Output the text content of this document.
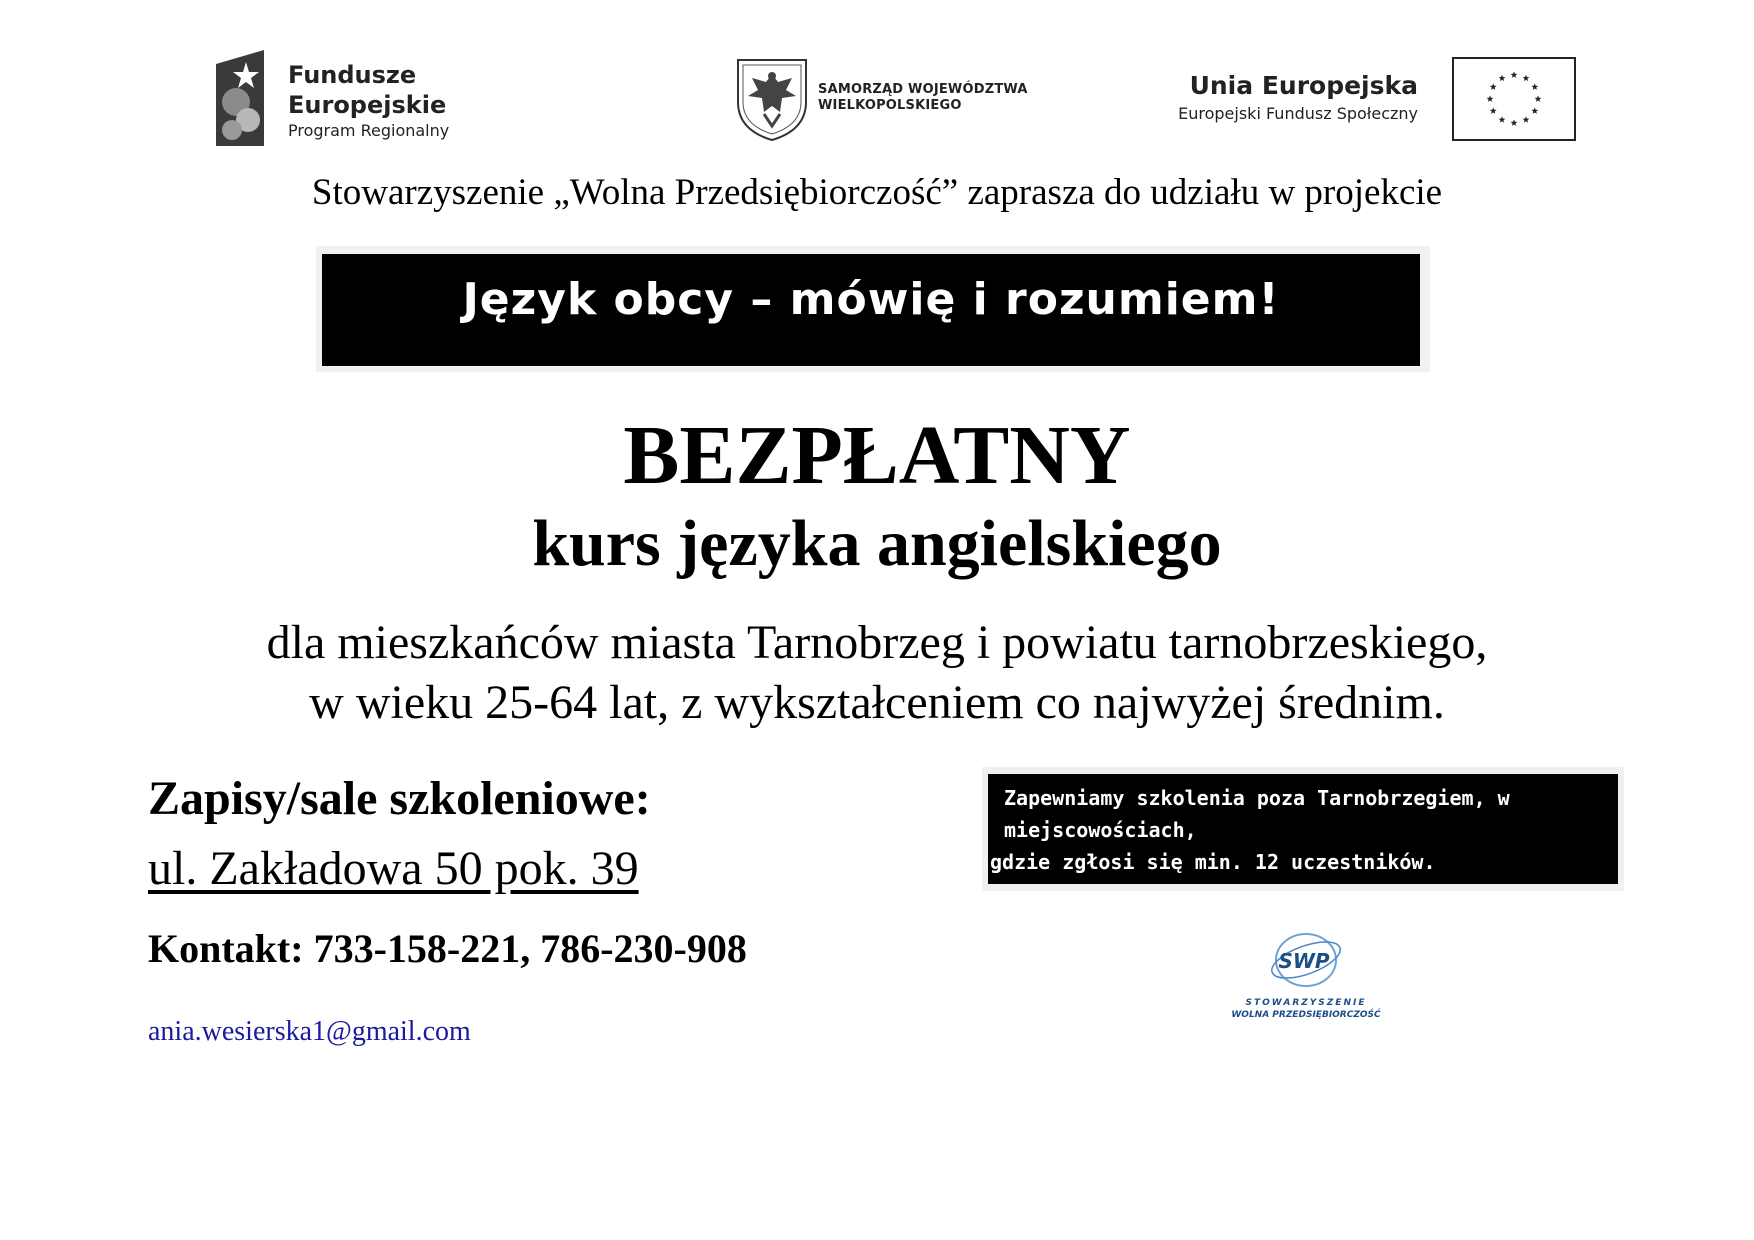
Fundusze
Europejskie
Program Regionalny
SAMORZĄD WOJEWÓDZTWA
WIELKOPOLSKIEGO
Unia Europejska
Europejski Fundusz Społeczny
Stowarzyszenie „Wolna Przedsiębiorczość” zaprasza do udziału w projekcie
Język obcy – mówię i rozumiem!
BEZPŁATNY
kurs języka angielskiego
dla mieszkańców miasta Tarnobrzeg i powiatu tarnobrzeskiego,
w wieku 25-64 lat, z wykształceniem co najwyżej średnim.
Zapisy/sale szkoleniowe:
ul. Zakładowa 50 pok. 39
Kontakt: 733-158-221, 786-230-908
ania.wesierska1@gmail.com
Zapewniamy szkolenia poza Tarnobrzegiem, w
miejscowościach,
gdzie zgłosi się min. 12 uczestników.
SWP
STOWARZYSZENIE
WOLNA PRZEDSIĘBIORCZOŚĆ
